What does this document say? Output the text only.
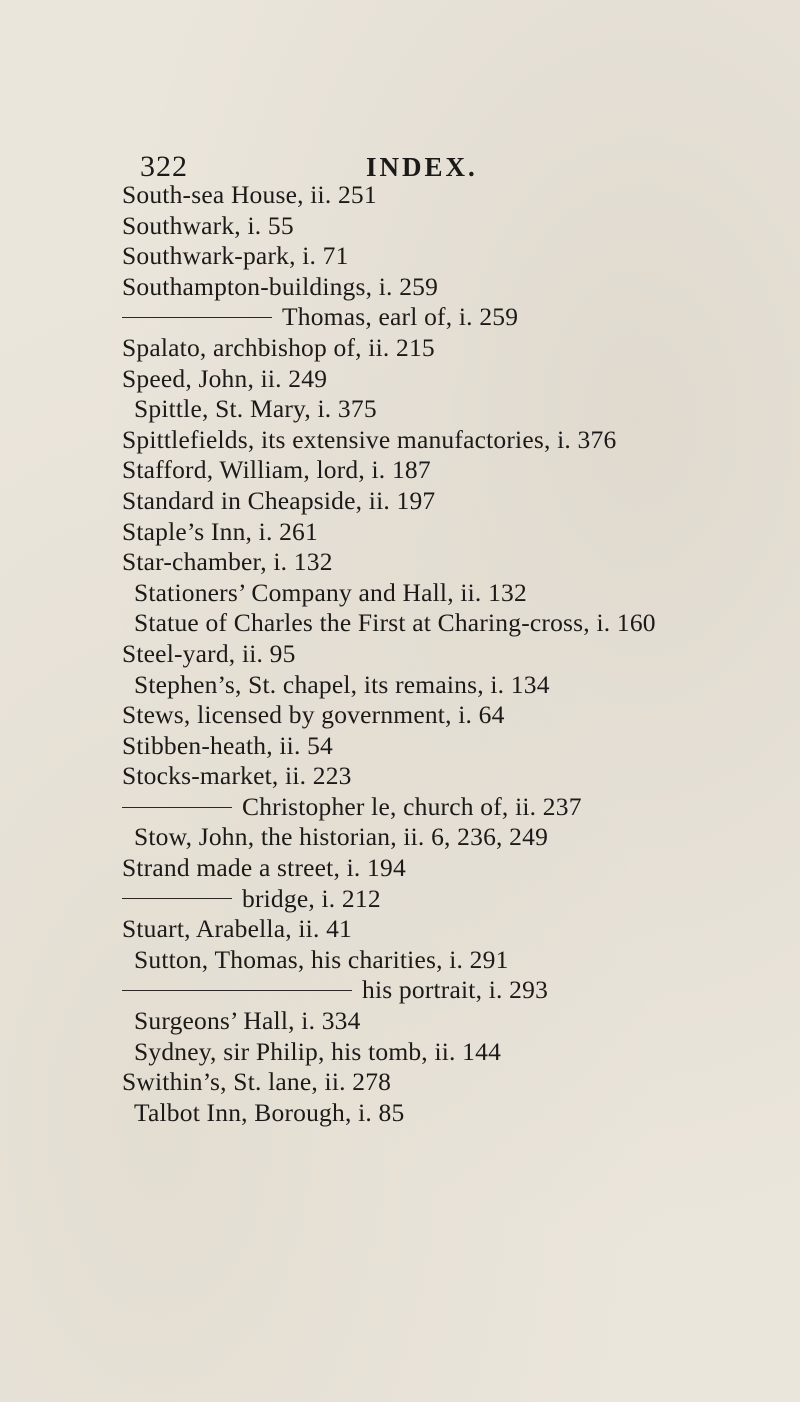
322	INDEX.
South-sea House, ii. 251
Southwark, i. 55
Southwark-park, i. 71
Southampton-buildings, i. 259
Thomas, earl of, i. 259
Spalato, archbishop of, ii. 215
Speed, John, ii. 249
Spittle, St. Mary, i. 375
Spittlefields, its extensive manufactories, i. 376
Stafford, William, lord, i. 187
Standard in Cheapside, ii. 197
Staple’s Inn, i. 261
Star-chamber, i. 132
Stationers’ Company and Hall, ii. 132
Statue of Charles the First at Charing-cross, i. 160
Steel-yard, ii. 95
Stephen’s, St. chapel, its remains, i. 134
Stews, licensed by government, i. 64
Stibben-heath, ii. 54
Stocks-market, ii. 223
Christopher le, church of, ii. 237
Stow, John, the historian, ii. 6, 236, 249
Strand made a street, i. 194
bridge, i. 212
Stuart, Arabella, ii. 41
Sutton, Thomas, his charities, i. 291
his portrait, i. 293
Surgeons’ Hall, i. 334
Sydney, sir Philip, his tomb, ii. 144
Swithin’s, St. lane, ii. 278
Talbot Inn, Borough, i. 85
